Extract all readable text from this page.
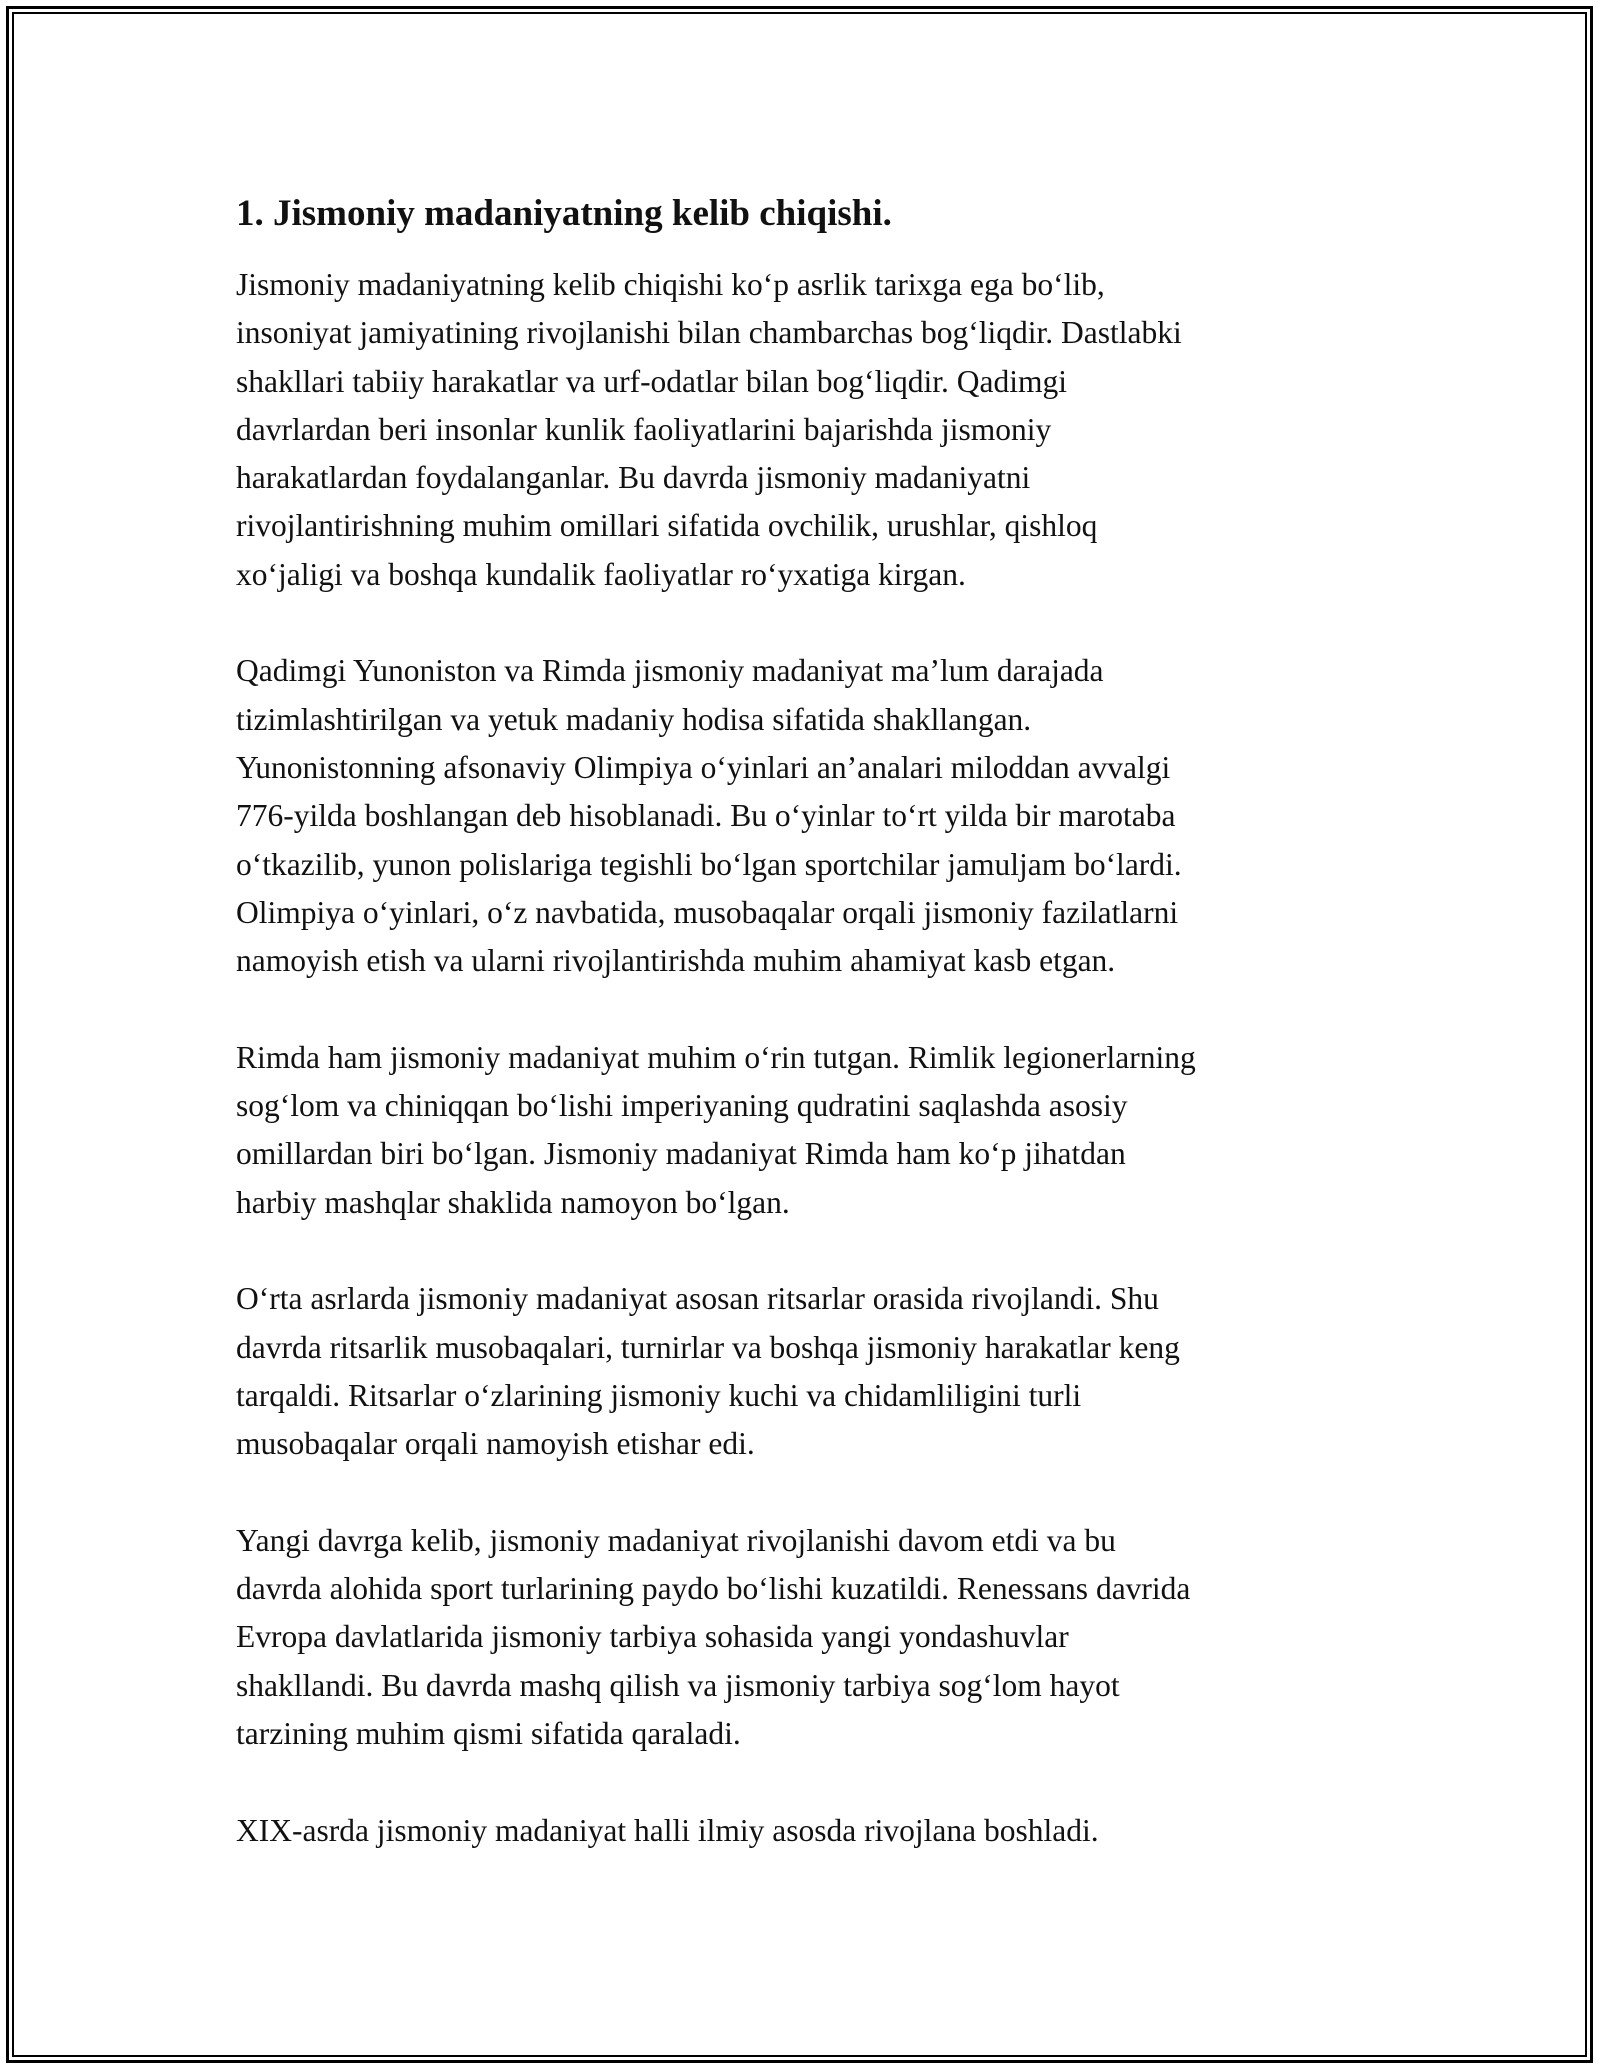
1. Jismoniy madaniyatning kelib chiqishi.
Jismoniy madaniyatning kelib chiqishi ko‘p asrlik tarixga ega bo‘lib,
insoniyat jamiyatining rivojlanishi bilan chambarchas bog‘liqdir. Dastlabki
shakllari tabiiy harakatlar va urf-odatlar bilan bog‘liqdir. Qadimgi
davrlardan beri insonlar kunlik faoliyatlarini bajarishda jismoniy
harakatlardan foydalanganlar. Bu davrda jismoniy madaniyatni
rivojlantirishning muhim omillari sifatida ovchilik, urushlar, qishloq
xo‘jaligi va boshqa kundalik faoliyatlar ro‘yxatiga kirgan.
Qadimgi Yunoniston va Rimda jismoniy madaniyat ma’lum darajada
tizimlashtirilgan va yetuk madaniy hodisa sifatida shakllangan.
Yunonistonning afsonaviy Olimpiya o‘yinlari an’analari miloddan avvalgi
776-yilda boshlangan deb hisoblanadi. Bu o‘yinlar to‘rt yilda bir marotaba
o‘tkazilib, yunon polislariga tegishli bo‘lgan sportchilar jamuljam bo‘lardi.
Olimpiya o‘yinlari, o‘z navbatida, musobaqalar orqali jismoniy fazilatlarni
namoyish etish va ularni rivojlantirishda muhim ahamiyat kasb etgan.
Rimda ham jismoniy madaniyat muhim o‘rin tutgan. Rimlik legionerlarning
sog‘lom va chiniqqan bo‘lishi imperiyaning qudratini saqlashda asosiy
omillardan biri bo‘lgan. Jismoniy madaniyat Rimda ham ko‘p jihatdan
harbiy mashqlar shaklida namoyon bo‘lgan.
O‘rta asrlarda jismoniy madaniyat asosan ritsarlar orasida rivojlandi. Shu
davrda ritsarlik musobaqalari, turnirlar va boshqa jismoniy harakatlar keng
tarqaldi. Ritsarlar o‘zlarining jismoniy kuchi va chidamliligini turli
musobaqalar orqali namoyish etishar edi.
Yangi davrga kelib, jismoniy madaniyat rivojlanishi davom etdi va bu
davrda alohida sport turlarining paydo bo‘lishi kuzatildi. Renessans davrida
Evropa davlatlarida jismoniy tarbiya sohasida yangi yondashuvlar
shakllandi. Bu davrda mashq qilish va jismoniy tarbiya sog‘lom hayot
tarzining muhim qismi sifatida qaraladi.
XIX-asrda jismoniy madaniyat halli ilmiy asosda rivojlana boshladi.
